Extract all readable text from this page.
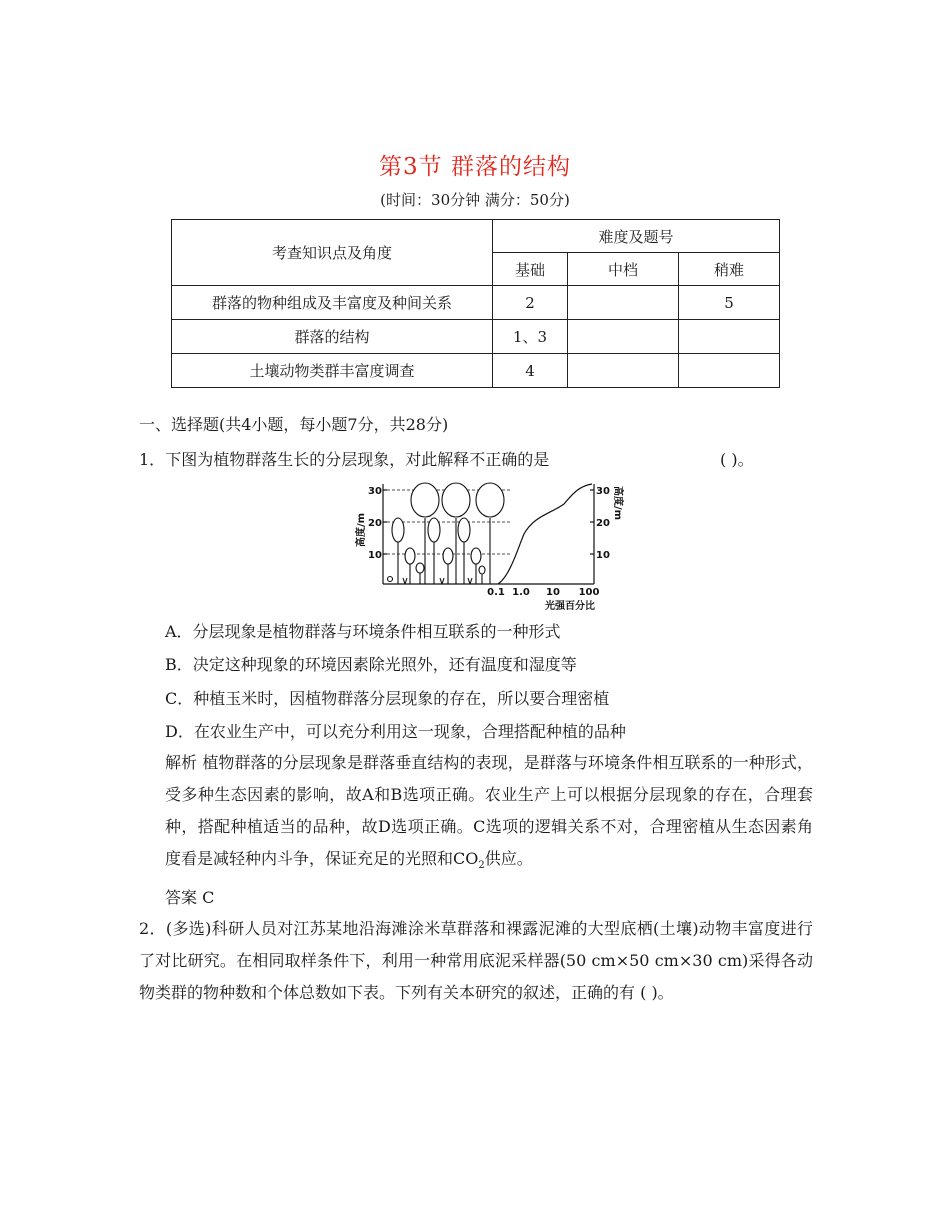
第3节 群落的结构
(时间：30分钟 满分：50分)
考查知识点及角度	难度及题号		
	基础	中档	稍难
群落的物种组成及丰富度及种间关系	2		5
群落的结构	1、3		
土壤动物类群丰富度调查	4		
一、选择题(共4小题，每小题7分，共28分)
1．下图为植物群落生长的分层现象，对此解释不正确的是	( )。
高度/m
高度/m
30
20
10
30
20
10
0.1 1.0 10 100
光强百分比
A．分层现象是植物群落与环境条件相互联系的一种形式
B．决定这种现象的环境因素除光照外，还有温度和湿度等
C．种植玉米时，因植物群落分层现象的存在，所以要合理密植
D．在农业生产中，可以充分利用这一现象，合理搭配种植的品种
解析 植物群落的分层现象是群落垂直结构的表现，是群落与环境条件相互联系的一种形式，受多种生态因素的影响，故A和B选项正确。农业生产上可以根据分层现象的存在，合理套种，搭配种植适当的品种，故D选项正确。C选项的逻辑关系不对，合理密植从生态因素角度看是减轻种内斗争，保证充足的光照和$CO_2$供应。
答案 C
2．(多选)科研人员对江苏某地沿海滩涂米草群落和裸露泥滩的大型底栖(土壤)动物丰富度进行了对比研究。在相同取样条件下，利用一种常用底泥采样器(50 cm×50 cm×30 cm)采得各动物类群的物种数和个体总数如下表。下列有关本研究的叙述，正确的有 ( )。
